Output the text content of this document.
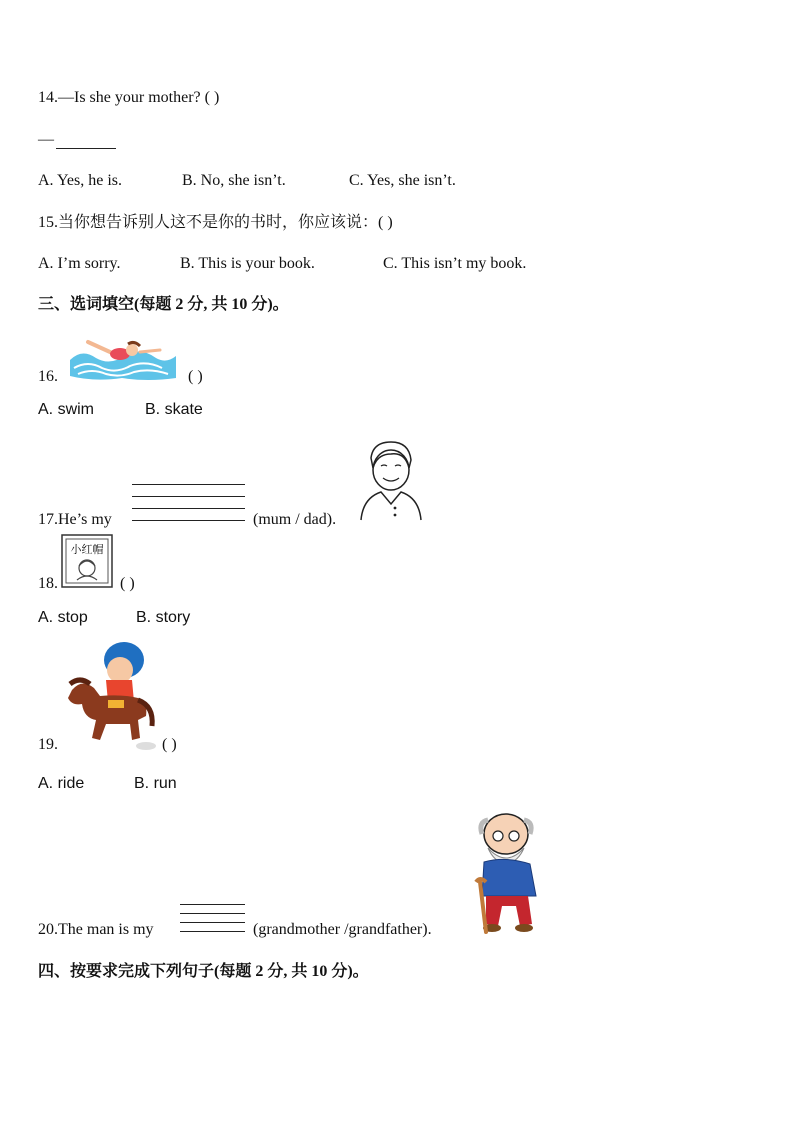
14.—Is she your mother? ( )
—
A. Yes, he is.	B. No, she isn’t.	C. Yes, she isn’t.
15.当你想告诉别人这不是你的书时，你应该说：( )
A. I’m sorry.	B. This is your book.	C. This isn’t my book.
三、选词填空(每题 2 分, 共 10 分)。
16.	( )
A. swim	B. skate
17.He’s my	(mum / dad).
小红帽
18.	( )
A. stop	B. story
19.	( )
A. ride	B. run
20.The man is my	(grandmother /grandfather).
四、按要求完成下列句子(每题 2 分, 共 10 分)。
